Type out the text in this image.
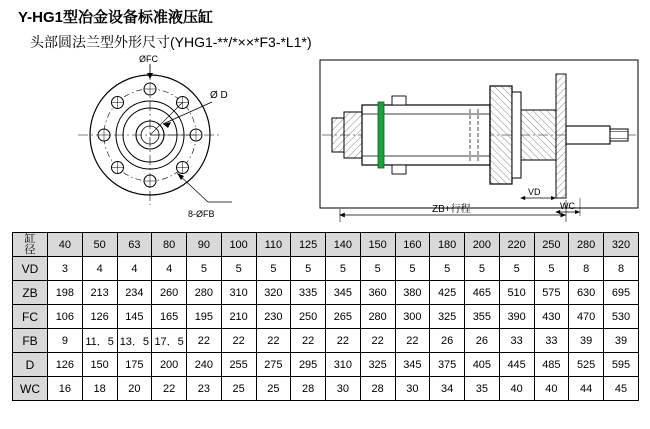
Y-HG1型冶金设备标准液压缸
头部圆法兰型外形尺寸(YHG1-**/*××*F3-*L1*)
ØFC
Ø D
8-ØFB
VD
WC
ZB+行程
缸
径	40	50	63	80	90	100	110	125	140	150	160	180	200	220	250	280	320
VD	3	4	4	4	5	5	5	5	5	5	5	5	5	5	5	8	8
ZB	198	213	234	260	280	310	320	335	345	360	380	425	465	510	575	630	695
FC	106	126	145	165	195	210	230	250	265	280	300	325	355	390	430	470	530
FB	9	11．5	13．5	17．5	22	22	22	22	22	22	22	26	26	33	33	39	39
D	126	150	175	200	240	255	275	295	310	325	345	375	405	445	485	525	595
WC	16	18	20	22	23	25	25	28	30	28	30	34	35	40	40	44	45
